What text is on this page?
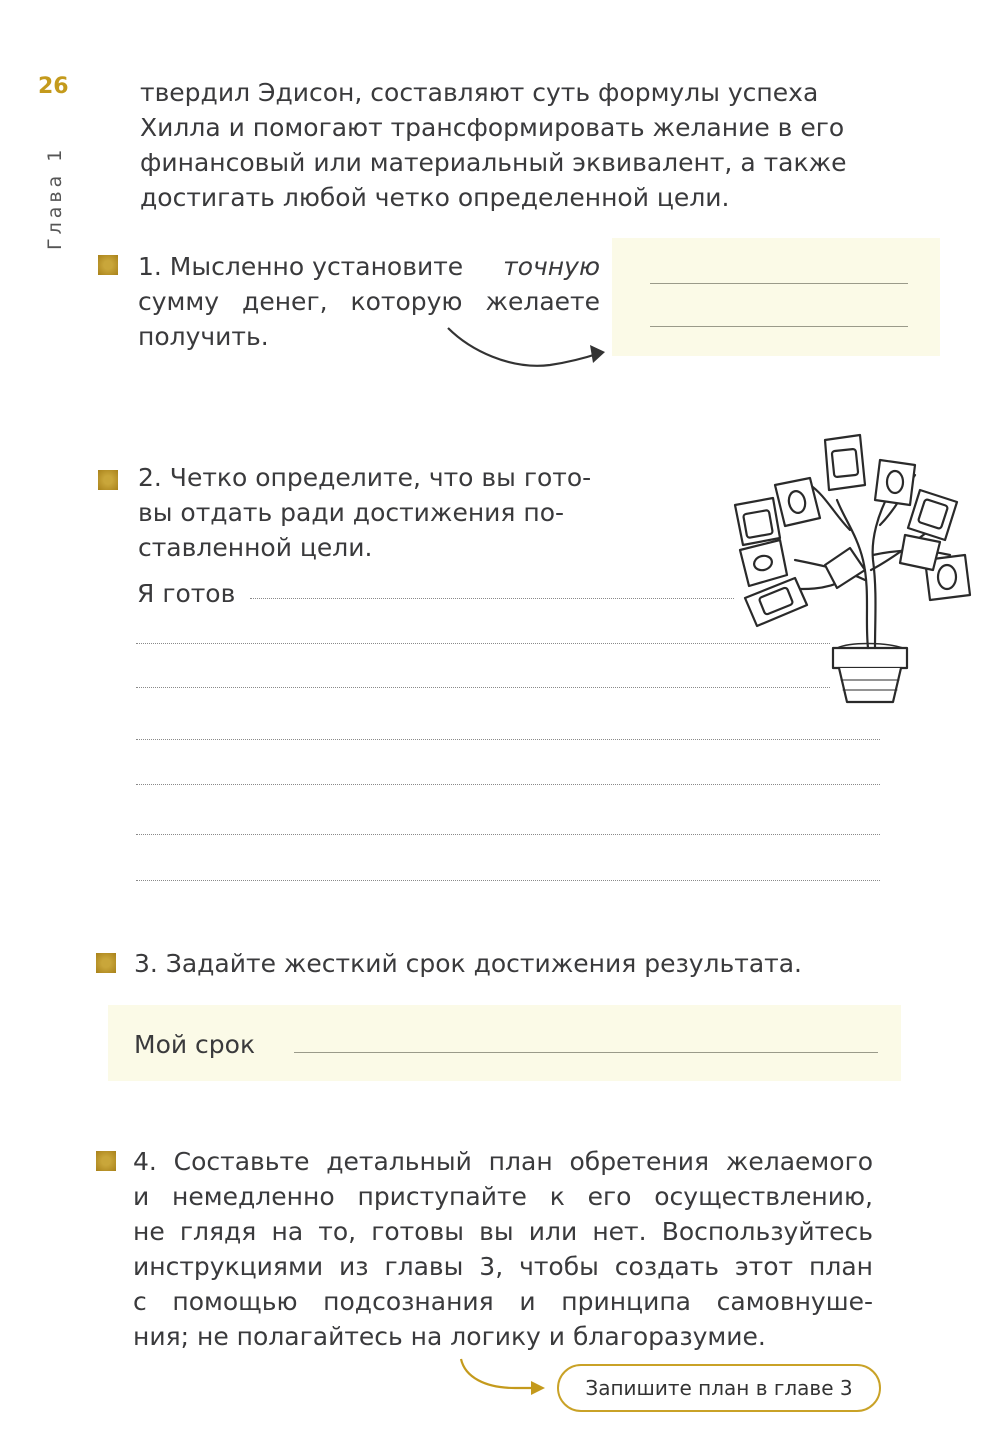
26
Глава 1
твердил Эдисон, составляют суть формулы успеха
Хилла и помогают трансформировать желание в его
финансовый или материальный эквивалент, а также
достигать любой четко определенной цели.
1. Мысленно установите точную
сумму денег, которую желаете
получить.
2. Четко определите, что вы гото-
вы отдать ради достижения по-
ставленной цели.
Я готов
3. Задайте жесткий срок достижения результата.
Мой срок
4. Составьте детальный план обретения желаемого
и немедленно приступайте к его осуществлению,
не глядя на то, готовы вы или нет. Воспользуйтесь
инструкциями из главы 3, чтобы создать этот план
с помощью подсознания и принципа самовнуше-
ния; не полагайтесь на логику и благоразумие.
Запишите план в главе 3
